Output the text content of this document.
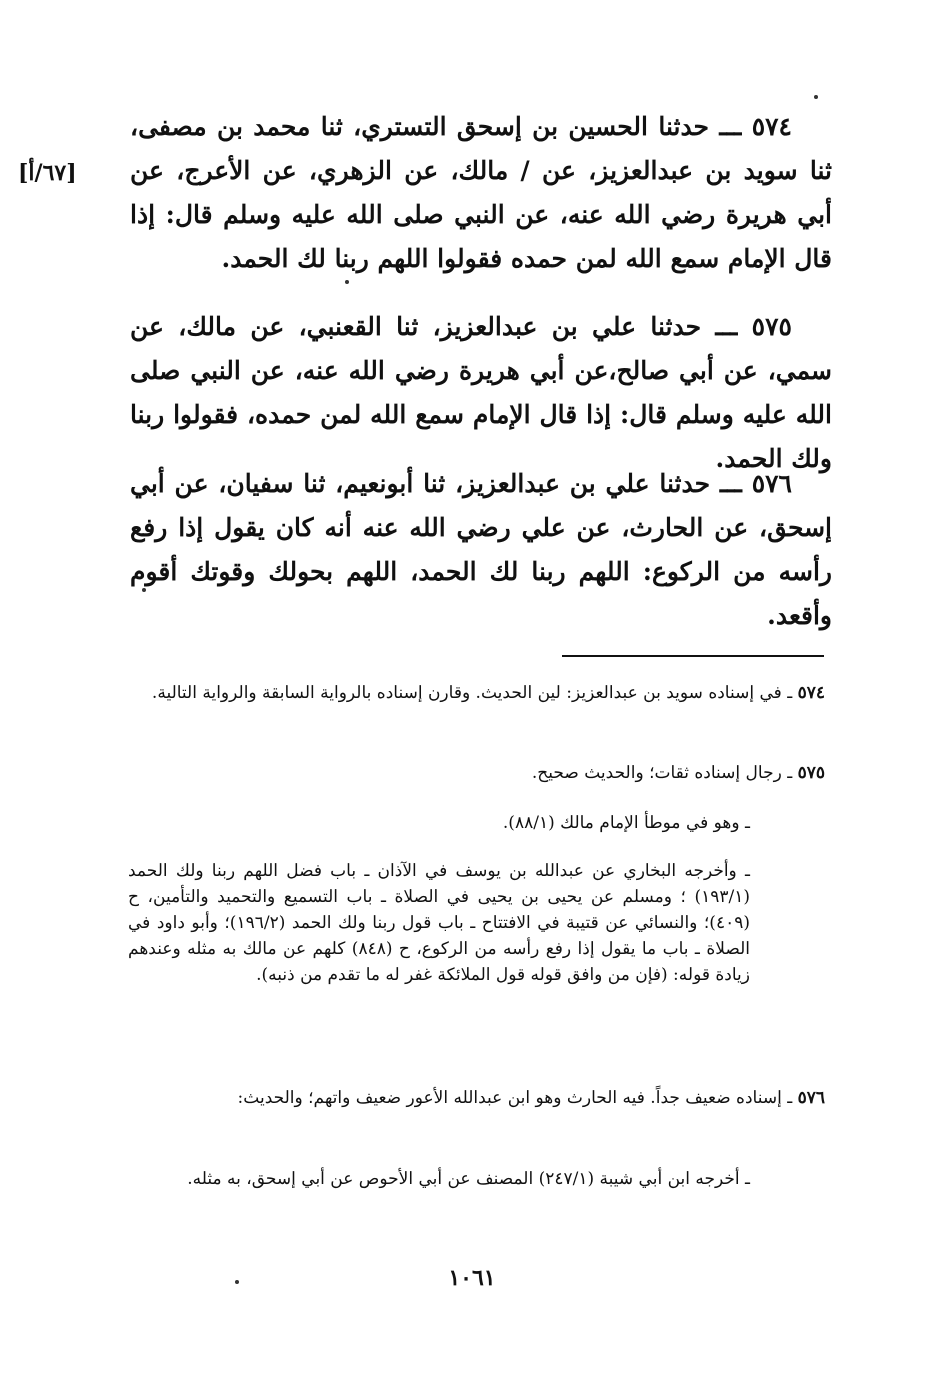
[٦٧/أ]
٥٧٤ ـــ حدثنا الحسين بن إسحق التستري، ثنا محمد بن مصفى، ثنا سويد بن عبدالعزيز، عن / مالك، عن الزهري، عن الأعرج، عن أبي هريرة رضي الله عنه، عن النبي صلى الله عليه وسلم قال: إذا قال الإمام سمع الله لمن حمده فقولوا اللهم ربنا لك الحمد.
٥٧٥ ـــ حدثنا علي بن عبدالعزيز، ثنا القعنبي، عن مالك، عن سمي، عن أبي صالح،عن أبي هريرة رضي الله عنه، عن النبي صلى الله عليه وسلم قال: إذا قال الإمام سمع الله لمن حمده، فقولوا ربنا ولك الحمد.
٥٧٦ ـــ حدثنا علي بن عبدالعزيز، ثنا أبونعيم، ثنا سفيان، عن أبي إسحق، عن الحارث، عن علي رضي الله عنه أنه كان يقول إذا رفع رأسه من الركوع: اللهم ربنا لك الحمد، اللهم بحولك وقوتك أقوم وأقعد.
٥٧٤ ـ في إسناده سويد بن عبدالعزيز: لين الحديث. وقارن إسناده بالرواية السابقة والرواية التالية.
٥٧٥ ـ رجال إسناده ثقات؛ والحديث صحيح.
ـ وهو في موطأ الإمام مالك (٨٨/١).
ـ وأخرجه البخاري عن عبدالله بن يوسف في الآذان ـ باب فضل اللهم ربنا ولك الحمد (١٩٣/١) ؛ ومسلم عن يحيى بن يحيى في الصلاة ـ باب التسميع والتحميد والتأمين، ح (٤٠٩)؛ والنسائي عن قتيبة في الافتتاح ـ باب قول ربنا ولك الحمد (١٩٦/٢)؛ وأبو داود في الصلاة ـ باب ما يقول إذا رفع رأسه من الركوع، ح (٨٤٨) كلهم عن مالك به مثله وعندهم زيادة قوله: (فإن من وافق قوله قول الملائكة غفر له ما تقدم من ذنبه).
٥٧٦ ـ إسناده ضعيف جداً. فيه الحارث وهو ابن عبدالله الأعور ضعيف واتهم؛ والحديث:
ـ أخرجه ابن أبي شيبة (٢٤٧/١) المصنف عن أبي الأحوص عن أبي إسحق، به مثله.
١٠٦١
